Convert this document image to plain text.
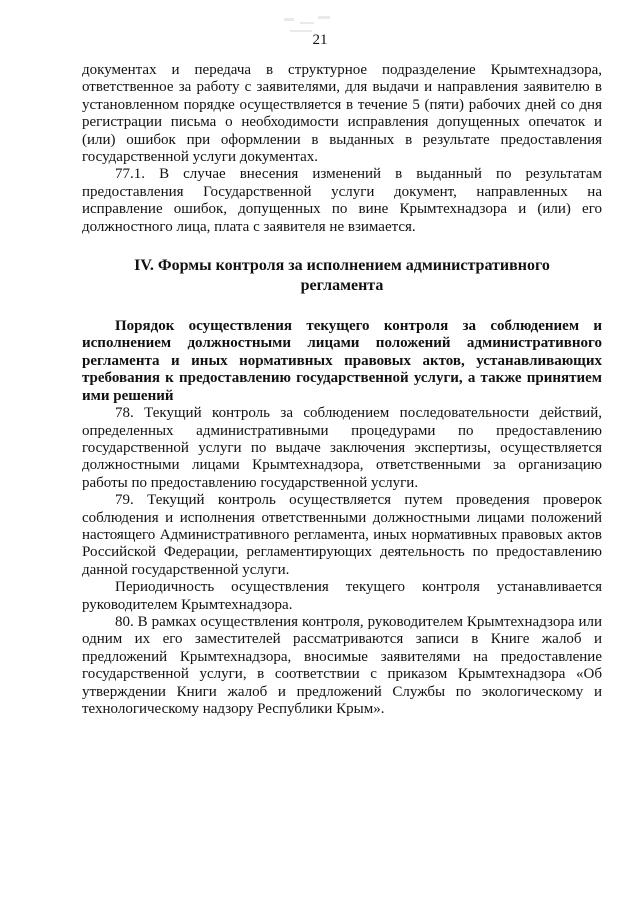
21

документах и передача в структурное подразделение Крымтехнадзора, ответственное за работу с заявителями, для выдачи и направления заявителю в установленном порядке осуществляется в течение 5 (пяти) рабочих дней со дня регистрации письма о необходимости исправления допущенных опечаток и (или) ошибок при оформлении в выданных в результате предоставления государственной услуги документах.

77.1. В случае внесения изменений в выданный по результатам предоставления Государственной услуги документ, направленных на исправление ошибок, допущенных по вине Крымтехнадзора и (или) его должностного лица, плата с заявителя не взимается.

IV. Формы контроля за исполнением административного регламента

Порядок осуществления текущего контроля за соблюдением и исполнением должностными лицами положений административного регламента и иных нормативных правовых актов, устанавливающих требования к предоставлению государственной услуги, а также принятием ими решений

78. Текущий контроль за соблюдением последовательности действий, определенных административными процедурами по предоставлению государственной услуги по выдаче заключения экспертизы, осуществляется должностными лицами Крымтехнадзора, ответственными за организацию работы по предоставлению государственной услуги.

79. Текущий контроль осуществляется путем проведения проверок соблюдения и исполнения ответственными должностными лицами положений настоящего Административного регламента, иных нормативных правовых актов Российской Федерации, регламентирующих деятельность по предоставлению данной государственной услуги.

Периодичность осуществления текущего контроля устанавливается руководителем Крымтехнадзора.

80. В рамках осуществления контроля, руководителем Крымтехнадзора или одним их его заместителей рассматриваются записи в Книге жалоб и предложений Крымтехнадзора, вносимые заявителями на предоставление государственной услуги, в соответствии с приказом Крымтехнадзора «Об утверждении Книги жалоб и предложений Службы по экологическому и технологическому надзору Республики Крым».
